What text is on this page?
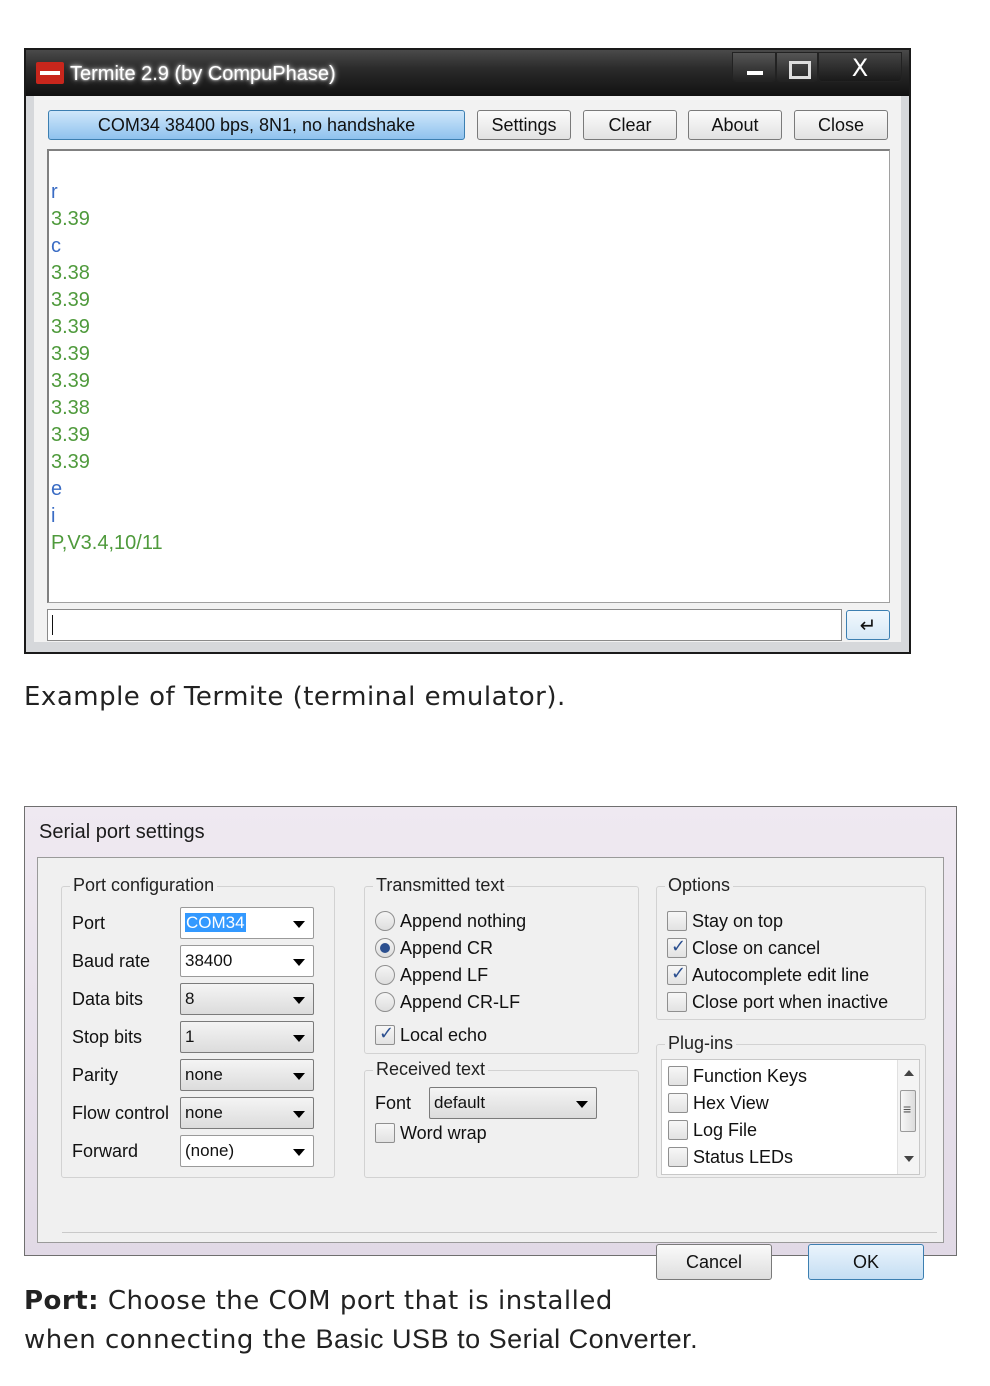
Termite 2.9 (by CompuPhase)	X
COM34 38400 bps, 8N1, no handshake	Settings	Clear	About	Close
r
3.39
c
3.38
3.39
3.39
3.39
3.39
3.38
3.39
3.39
e
i
P,V3.4,10/11
↵
Example of Termite (terminal emulator).
Serial port settings
Port configuration
Port	COM34
Baud rate 38400
Data bits 8
Stop bits	1
Parity	none
Flow control none
Forward	(none)
Transmitted text
Append nothing
Append CR
Append LF
Append CR-LF
✓
Local echo
Received text
Font default
Word wrap
Options
Stay on top
✓
Close on cancel
✓
Autocomplete edit line
Close port when inactive
Plug-ins
Function Keys
Hex View
Log File
Status LEDs
≡
Cancel	OK
Port: Choose the COM port that is installed
when connecting the Basic USB to Serial Converter.
